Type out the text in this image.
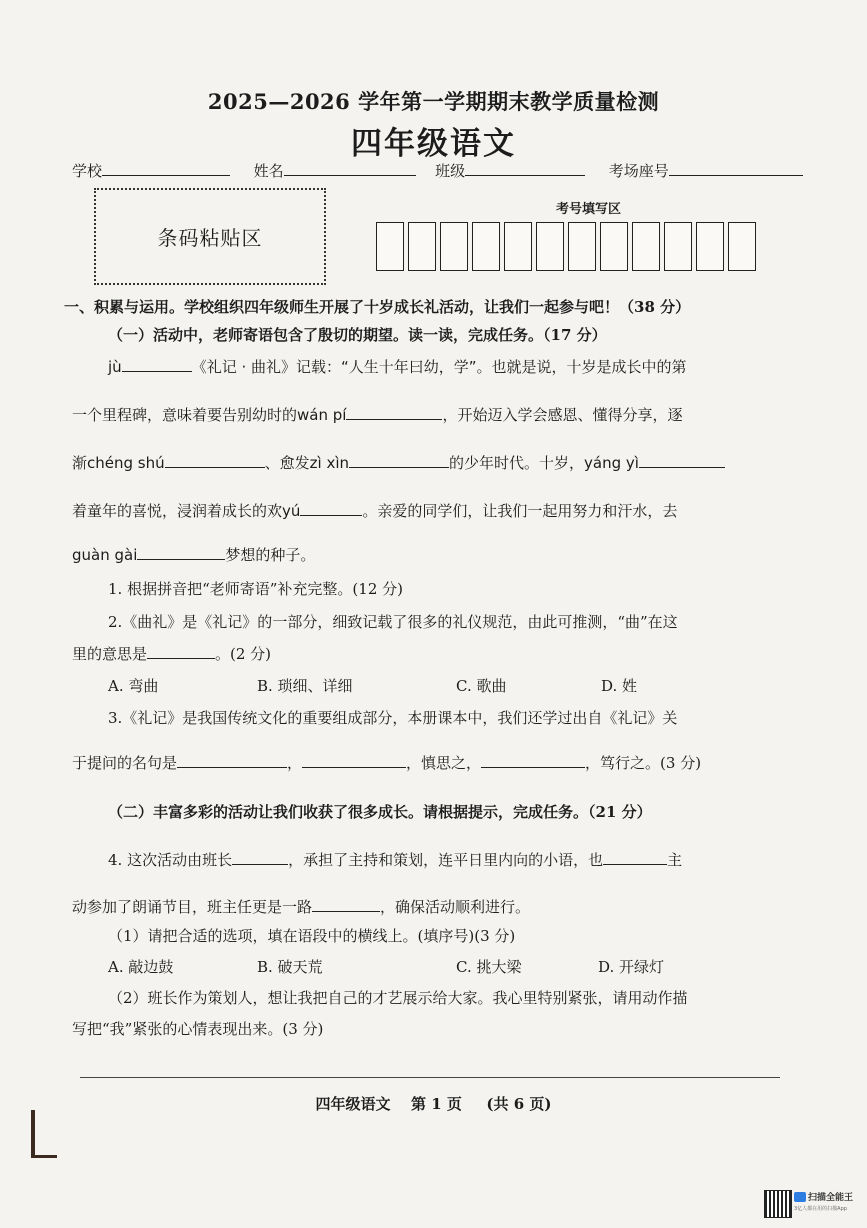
2025—2026 学年第一学期期末教学质量检测
四年级语文
学校	姓名	班级	考场座号
条码粘贴区
考号填写区
一、积累与运用。学校组织四年级师生开展了十岁成长礼活动，让我们一起参与吧！（38 分）
（一）活动中，老师寄语包含了殷切的期望。读一读，完成任务。（17 分）
jù	《礼记 · 曲礼》记载：“人生十年曰幼，学”。也就是说，十岁是成长中的第
一个里程碑，意味着要告别幼时的wán pí	，开始迈入学会感恩、懂得分享，逐
渐chéng shú	、愈发zì xìn	的少年时代。十岁，yáng yì
着童年的喜悦，浸润着成长的欢yú	。亲爱的同学们，让我们一起用努力和汗水，去
guàn gài	梦想的种子。
1. 根据拼音把“老师寄语”补充完整。(12 分)
2.《曲礼》是《礼记》的一部分，细致记载了很多的礼仪规范，由此可推测，“曲”在这
里的意思是	。(2 分)
A. 弯曲	B. 琐细、详细	C. 歌曲	D. 姓
3.《礼记》是我国传统文化的重要组成部分，本册课本中，我们还学过出自《礼记》关
于提问的名句是	，	，慎思之，	，笃行之。(3 分)
（二）丰富多彩的活动让我们收获了很多成长。请根据提示，完成任务。（21 分）
4. 这次活动由班长	，承担了主持和策划，连平日里内向的小语，也	主
动参加了朗诵节目，班主任更是一路	，确保活动顺利进行。
（1）请把合适的选项，填在语段中的横线上。(填序号)(3 分)
A. 敲边鼓	B. 破天荒	C. 挑大梁	D. 开绿灯
（2）班长作为策划人，想让我把自己的才艺展示给大家。我心里特别紧张，请用动作描
写把“我”紧张的心情表现出来。(3 分)
四年级语文 第 1 页 (共 6 页)
扫描全能王
3亿人都在用的扫描App
